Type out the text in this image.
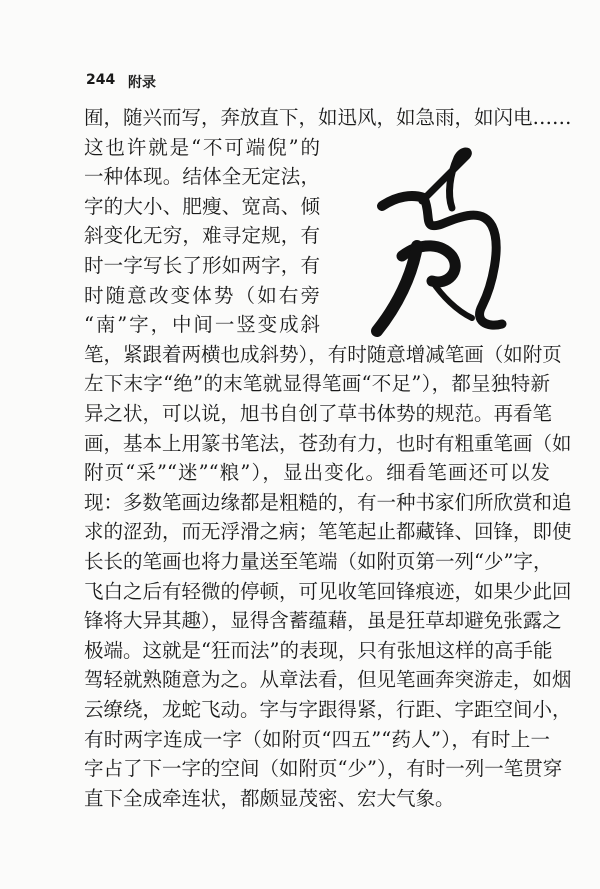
244 附录
囿，随兴而写，奔放直下，如迅风，如急雨，如闪电……
这也许就是“不可端倪”的
一种体现。结体全无定法，
字的大小、肥瘦、宽高、倾
斜变化无穷，难寻定规，有
时一字写长了形如两字，有
时随意改变体势（如右旁
“南”字，中间一竖变成斜
笔，紧跟着两横也成斜势），有时随意增减笔画（如附页
左下末字“绝”的末笔就显得笔画“不足”），都呈独特新
异之状，可以说，旭书自创了草书体势的规范。再看笔
画，基本上用篆书笔法，苍劲有力，也时有粗重笔画（如
附页“采”“迷”“粮”），显出变化。细看笔画还可以发
现：多数笔画边缘都是粗糙的，有一种书家们所欣赏和追
求的涩劲，而无浮滑之病；笔笔起止都藏锋、回锋，即使
长长的笔画也将力量送至笔端（如附页第一列“少”字，
飞白之后有轻微的停顿，可见收笔回锋痕迹，如果少此回
锋将大异其趣），显得含蓄蕴藉，虽是狂草却避免张露之
极端。这就是“狂而法”的表现，只有张旭这样的高手能
驾轻就熟随意为之。从章法看，但见笔画奔突游走，如烟
云缭绕，龙蛇飞动。字与字跟得紧，行距、字距空间小，
有时两字连成一字（如附页“四五”“药人”），有时上一
字占了下一字的空间（如附页“少”），有时一列一笔贯穿
直下全成牵连状，都颇显茂密、宏大气象。
